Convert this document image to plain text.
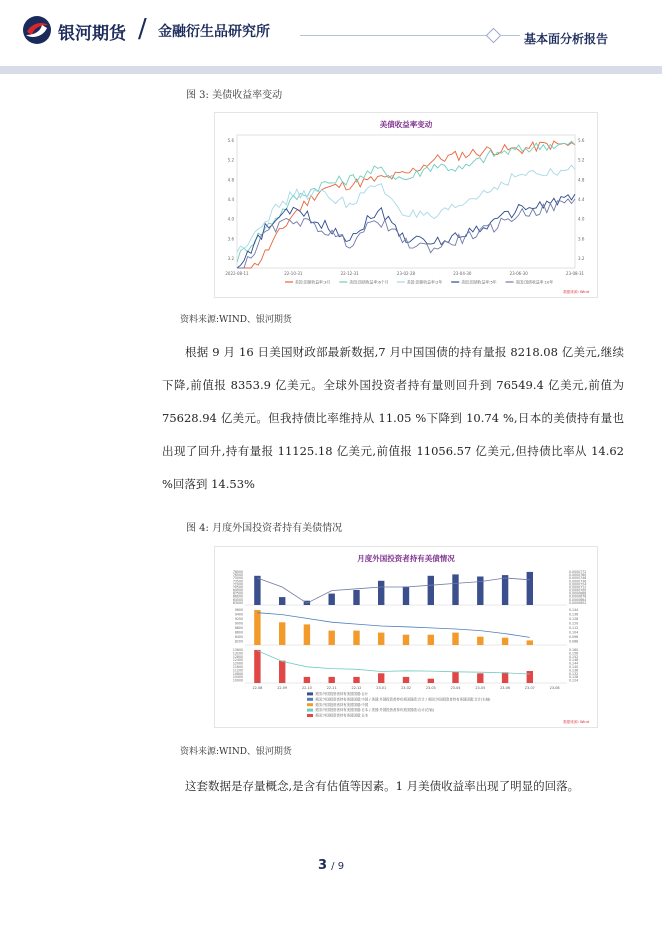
银河期货 / 金融衍生品研究所	基本面分析报告
图 3: 美债收益率变动
美债收益率变动
5.6	5.6
5.2	5.2
4.8	4.8
4.4	4.4
4.0	4.0
3.6	3.6
3.2	3.2
2022-08-11	22-10-31	22-12-31	23-02-28	23-04-30	23-06-30	23-08-31
美国:国债收益率:3月	美国:国债收益率:6个月	美国:国债收益率:2年	美国:国债收益率:5年	美国:国债收益率:10年
数据来源: Wind
资料来源:WIND、银河期货
根据 9 月 16 日美国财政部最新数据,7 月中国国债的持有量报 8218.08 亿美元,继续下降,前值报 8353.9 亿美元。全球外国投资者持有量则回升到 76549.4 亿美元,前值为 75628.94 亿美元。但我持债比率维持从 11.05 %下降到 10.74 %,日本的美债持有量也出现了回升,持有量报 11125.18 亿美元,前值报 11056.57 亿美元,但持债比率从 14.62 %回落到 14.53%
图 4: 月度外国投资者持有美债情况
月度外国投资者持有美债情况
78000
76500
75000
73500
72000
70500
69000
67500
66000
64500
63000
0.0000772
0.0000760
0.0000748
0.0000736
0.0000724
0.0000712
0.0000700
0.0000688
0.0000676
0.0000664
0.0000652
9600
9400
9200
9000
8800
8600
8400
8200
0.144
0.136
0.128
0.120
0.112
0.104
0.096
0.088
13600
13200
12800
12400
12000
11600
11200
10800
10400
10000
0.160
0.156
0.152
0.148
0.144
0.140
0.136
0.132
0.128
0.124
22-08	22-09	22-10	22-11	22-12	23-01	23-02	23-03	23-04	23-05	23-06	23-07	23-08
美国:外国投资者持有美国国债:合计
美国:外国投资者持有美国国债:中国 / 美国:外国投资者持有美国国债:合计 / 美国:外国投资者持有美国国债:合计(右轴)
美国:外国投资者持有美国国债:中国
美国:外国投资者持有美国国债:日本 / 美国:外国投资者持有美国国债:合计(右轴)
美国:外国投资者持有美国国债:日本
数据来源: Wind
资料来源:WIND、银河期货
这套数据是存量概念,是含有估值等因素。1 月美债收益率出现了明显的回落。
3 / 9
